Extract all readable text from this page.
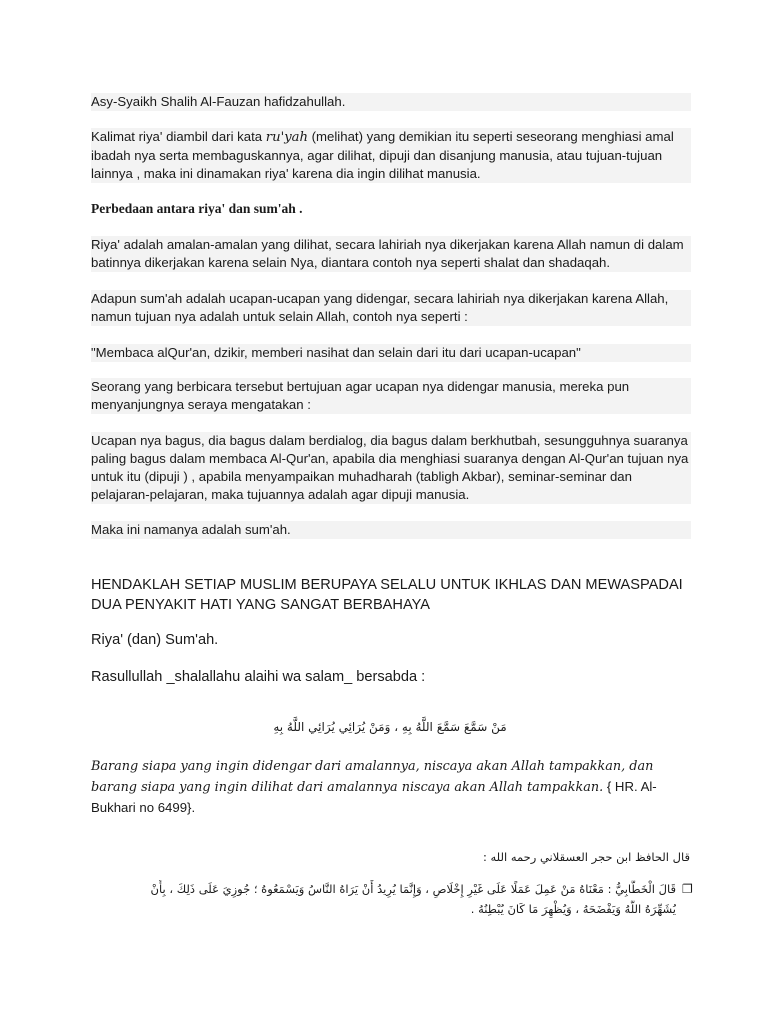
Asy-Syaikh Shalih Al-Fauzan hafidzahullah.
Kalimat riya' diambil dari kata ru'yah (melihat) yang demikian itu seperti seseorang menghiasi amal ibadah nya serta membaguskannya, agar dilihat, dipuji dan disanjung manusia, atau tujuan-tujuan lainnya , maka ini dinamakan riya' karena dia ingin dilihat manusia.
Perbedaan antara riya' dan sum'ah .
Riya' adalah amalan-amalan yang dilihat, secara lahiriah nya dikerjakan karena Allah namun di dalam batinnya dikerjakan karena selain Nya, diantara contoh nya seperti shalat dan shadaqah.
Adapun sum'ah adalah ucapan-ucapan yang didengar, secara lahiriah nya dikerjakan karena Allah, namun tujuan nya adalah untuk selain Allah, contoh nya seperti :
"Membaca alQur'an, dzikir, memberi nasihat dan selain dari itu dari ucapan-ucapan"
Seorang yang berbicara tersebut bertujuan agar ucapan nya didengar manusia, mereka pun menyanjungnya seraya mengatakan :
Ucapan nya bagus, dia bagus dalam berdialog, dia bagus dalam berkhutbah, sesungguhnya suaranya paling bagus dalam membaca Al-Qur'an, apabila dia menghiasi suaranya dengan Al-Qur'an tujuan nya untuk itu (dipuji ) , apabila menyampaikan muhadharah (tabligh Akbar), seminar-seminar dan pelajaran-pelajaran, maka tujuannya adalah agar dipuji manusia.
Maka ini namanya adalah sum'ah.
HENDAKLAH SETIAP MUSLIM BERUPAYA SELALU UNTUK IKHLAS DAN MEWASPADAI DUA PENYAKIT HATI YANG SANGAT BERBAHAYA
Riya' (dan) Sum'ah.
Rasullullah _shalallahu alaihi wa salam_ bersabda :
مَنْ سَمَّعَ سَمَّعَ اللَّهُ بِهِ ، وَمَنْ يُرَائِي يُرَائِي اللَّهُ بِهِ
Barang siapa yang ingin didengar dari amalannya, niscaya akan Allah tampakkan, dan barang siapa yang ingin dilihat dari amalannya niscaya akan Allah tampakkan. { HR. Al-Bukhari no 6499}.
قال الحافظ ابن حجر العسقلاني رحمه الله :
❐
قَالَ الْخَطَّابِيُّ : مَعْنَاهُ مَنْ عَمِلَ عَمَلًا عَلَى غَيْرِ إِخْلَاصٍ ، وَإِنَّمَا يُرِيدُ أَنْ يَرَاهُ النَّاسُ وَيَسْمَعُوهُ ؛ جُوزِيَ عَلَى ذَلِكَ ، بِأَنْ
يُشَهِّرَهُ اللَّهُ وَيَفْضَحَهُ ، وَيُظْهِرَ مَا كَانَ يُبْطِنُهُ .
